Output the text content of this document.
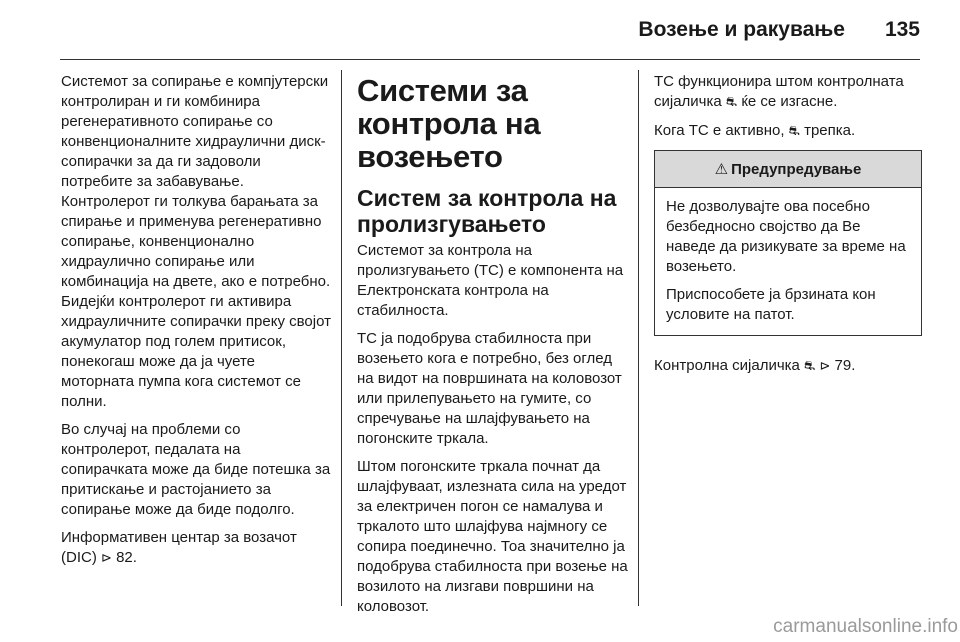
Возење и ракување 135

Системот за сопирање е компјутерски контролиран и ги комбинира регенеративното сопирање со конвенционалните хидраулични диск-сопирачки за да ги задоволи потребите за забавување. Контролерот ги толкува барањата за спирање и применува регенеративно сопирање, конвенционално хидраулично сопирање или комбинација на двете, ако е потребно. Бидејќи контролерот ги активира хидрауличните сопирачки преку својот акумулатор под голем притисок, понекогаш може да ја чуете моторната пумпа кога системот се полни.

Во случај на проблеми со контролерот, педалата на сопирачката може да биде потешка за притискање и растојанието за сопирање може да биде подолго.

Информативен центар за возачот (DIC) ⊳ 82.

Системи за контрола на возењето
Систем за контрола на пролизгувањето

Системот за контрола на пролизгувањето (TC) е компонента на Електронската контрола на стабилноста.

TC ја подобрува стабилноста при возењето кога е потребно, без оглед на видот на површината на коловозот или прилепувањето на гумите, со спречување на шлајфувањето на погонските тркала.

Штом погонските тркала почнат да шлајфуваат, излезната сила на уредот за електричен погон се намалува и тркалото што шлајфува најмногу се сопира поединечно. Тоа значително ја подобрува стабилноста при возење на возилото на лизгави површини на коловозот.

TC функционира штом контролната сијаличка ⛐ ќе се изгасне.

Кога TC е активно, ⛐ трепка.

⚠ Предупредување

Не дозволувајте ова посебно безбедносно својство да Ве наведе да ризикувате за време на возењето.

Приспособете ја брзината кон условите на патот.

Контролна сијаличка ⛐ ⊳ 79.

carmanualsonline.info
